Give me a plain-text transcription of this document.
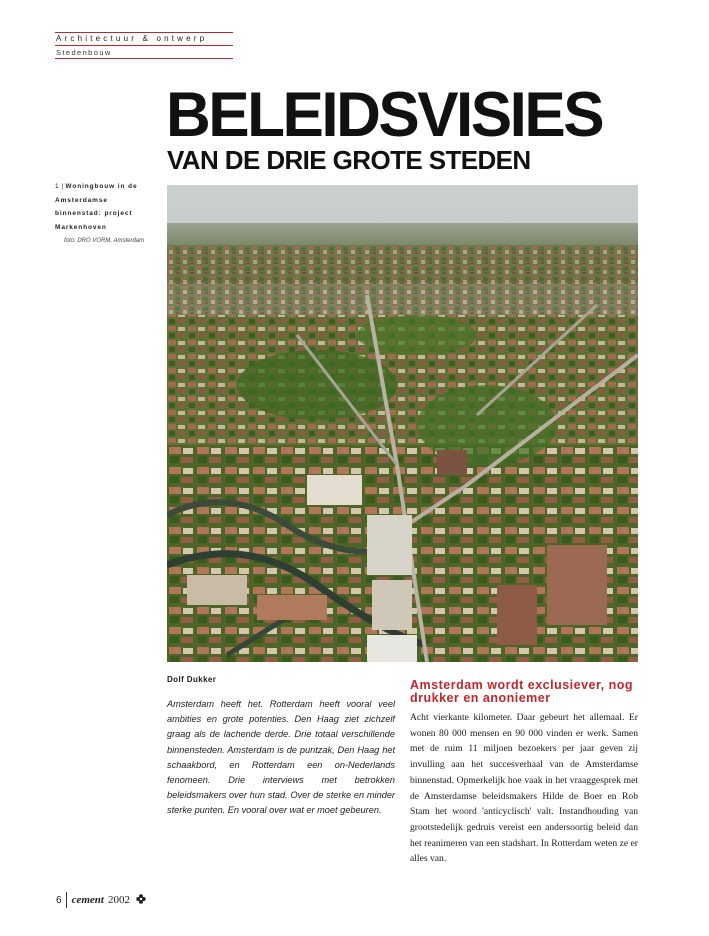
Architectuur & ontwerp
Stedenbouw
BELEIDSVISIES
VAN DE DRIE GROTE STEDEN
1 | Woningbouw in de Amsterdamse binnenstad: project Markenhoven
foto: DRO VORM, Amsterdam
Dolf Dukker
Amsterdam heeft het. Rotterdam heeft vooral veel ambities en grote potenties. Den Haag ziet zichzelf graag als de lachende derde. Drie totaal verschillende binnensteden. Amsterdam is de puntzak, Den Haag het schaakbord, en Rotterdam een on-Nederlands fenomeen. Drie interviews met betrokken beleidsmakers over hun stad. Over de sterke en minder sterke punten. En vooral over wat er moet gebeuren.
Amsterdam wordt exclusiever, nog drukker en anoniemer
Acht vierkante kilometer. Daar gebeurt het allemaal. Er wonen 80 000 mensen en 90 000 vinden er werk. Samen met de ruim 11 miljoen bezoekers per jaar geven zij invulling aan het succesverhaal van de Amsterdamse binnenstad. Opmerkelijk hoe vaak in het vraaggesprek met de Amsterdamse beleidsmakers Hilde de Boer en Rob Stam het woord 'anticyclisch' valt. Instandhouding van grootstedelijk gedruis vereist een andersoortig beleid dan het reanimeren van een stadshart. In Rotterdam weten ze er alles van.
6 cement 2002
